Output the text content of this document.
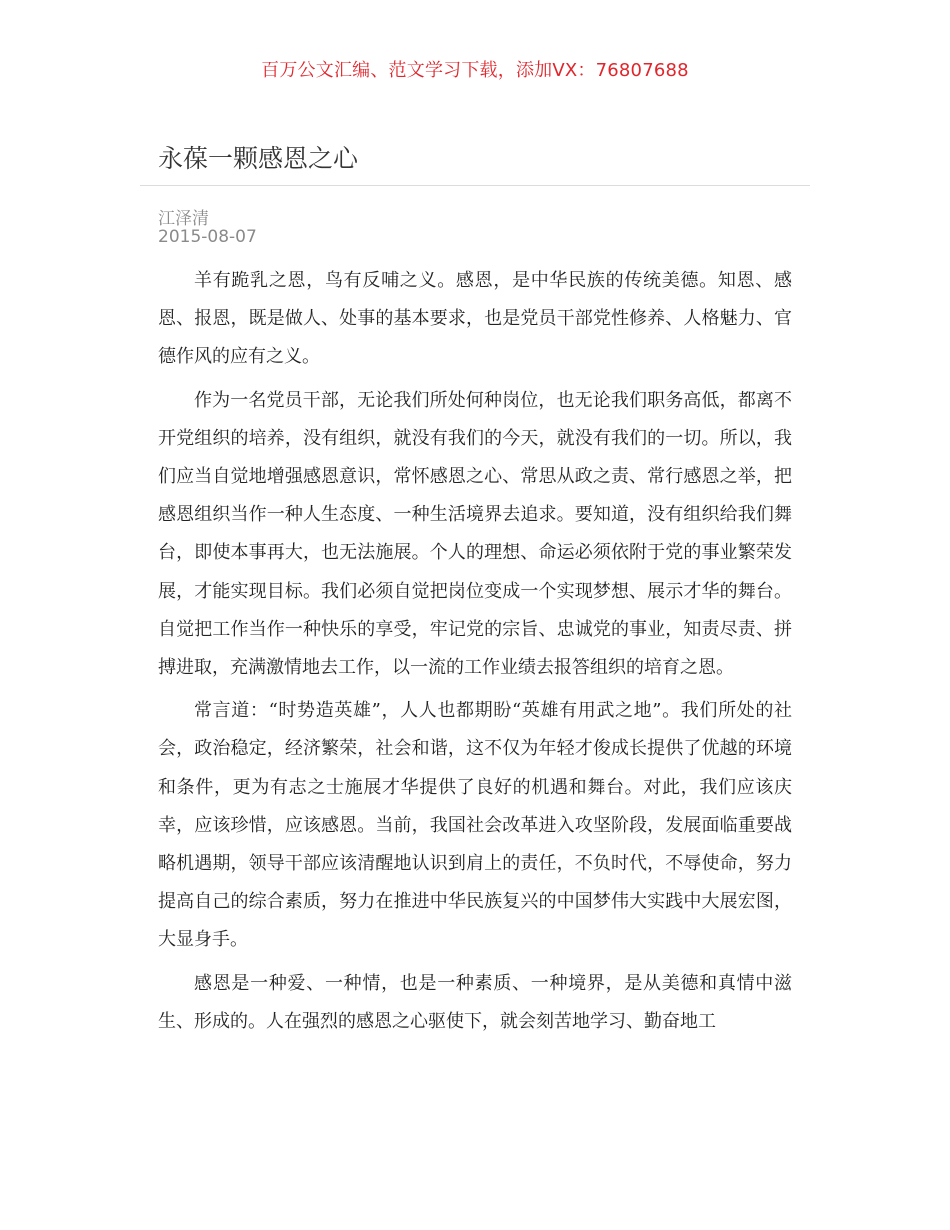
百万公文汇编、范文学习下载，添加VX：76807688
永葆一颗感恩之心
江泽清
2015-08-07

羊有跪乳之恩，鸟有反哺之义。感恩，是中华民族的传统美德。知恩、感恩、报恩，既是做人、处事的基本要求，也是党员干部党性修养、人格魅力、官德作风的应有之义。

作为一名党员干部，无论我们所处何种岗位，也无论我们职务高低，都离不开党组织的培养，没有组织，就没有我们的今天，就没有我们的一切。所以，我们应当自觉地增强感恩意识，常怀感恩之心、常思从政之责、常行感恩之举，把感恩组织当作一种人生态度、一种生活境界去追求。要知道，没有组织给我们舞台，即使本事再大，也无法施展。个人的理想、命运必须依附于党的事业繁荣发展，才能实现目标。我们必须自觉把岗位变成一个实现梦想、展示才华的舞台。自觉把工作当作一种快乐的享受，牢记党的宗旨、忠诚党的事业，知责尽责、拼搏进取，充满激情地去工作，以一流的工作业绩去报答组织的培育之恩。

常言道：“时势造英雄”，人人也都期盼“英雄有用武之地”。我们所处的社会，政治稳定，经济繁荣，社会和谐，这不仅为年轻才俊成长提供了优越的环境和条件，更为有志之士施展才华提供了良好的机遇和舞台。对此，我们应该庆幸，应该珍惜，应该感恩。当前，我国社会改革进入攻坚阶段，发展面临重要战略机遇期，领导干部应该清醒地认识到肩上的责任，不负时代，不辱使命，努力提高自己的综合素质，努力在推进中华民族复兴的中国梦伟大实践中大展宏图，大显身手。

感恩是一种爱、一种情，也是一种素质、一种境界，是从美德和真情中滋生、形成的。人在强烈的感恩之心驱使下，就会刻苦地学习、勤奋地工
